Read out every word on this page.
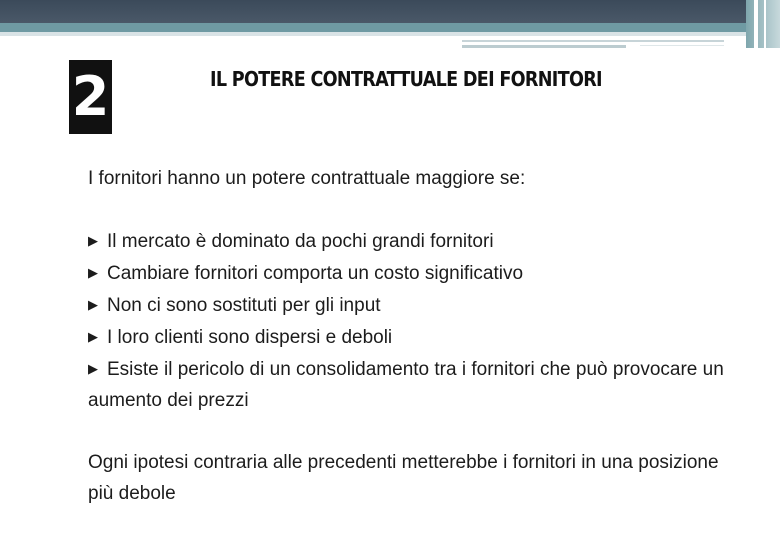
2	IL POTERE CONTRATTUALE DEI FORNITORI

I fornitori hanno un potere contrattuale maggiore se:

▶ Il mercato è dominato da pochi grandi fornitori
▶ Cambiare fornitori comporta un costo significativo
▶ Non ci sono sostituti per gli input
▶ I loro clienti sono dispersi e deboli
▶ Esiste il pericolo di un consolidamento tra i fornitori che può provocare un aumento dei prezzi

Ogni ipotesi contraria alle precedenti metterebbe i fornitori in una posizione più debole
